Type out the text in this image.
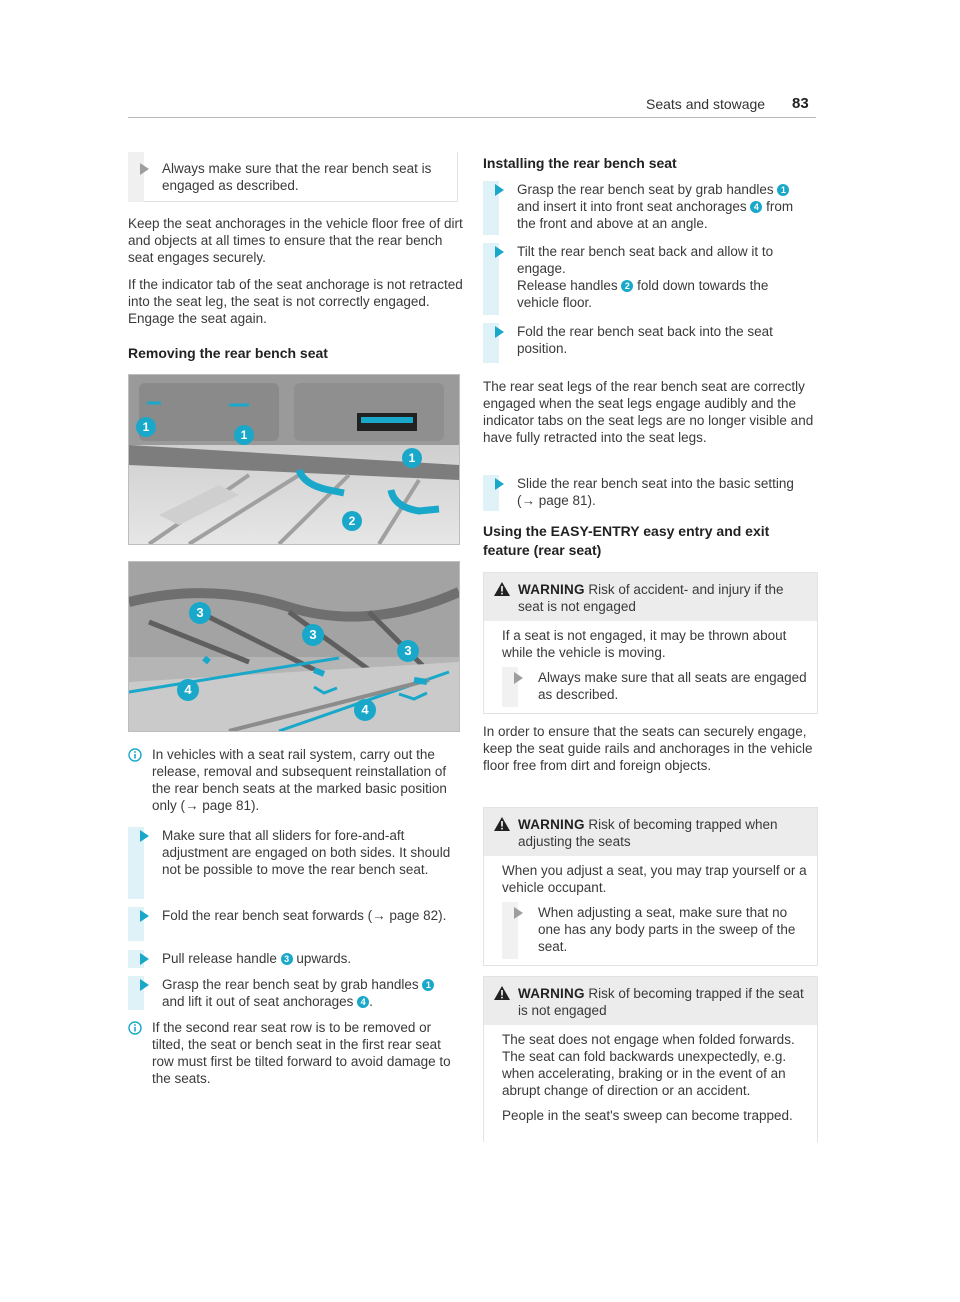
Seats and stowage 83
Always make sure that the rear bench seat is engaged as described.

Keep the seat anchorages in the vehicle floor free of dirt and objects at all times to ensure that the rear bench seat engages securely.

If the indicator tab of the seat anchorage is not retracted into the seat leg, the seat is not correctly engaged. Engage the seat again.

Removing the rear bench seat
1
1
1
2
3
3
3
4
4

In vehicles with a seat rail system, carry out the release, removal and subsequent reinstallation of the rear bench seats at the marked basic position only (→ page 81).

Make sure that all sliders for fore-and-aft adjustment are engaged on both sides. It should not be possible to move the rear bench seat.
Fold the rear bench seat forwards (→ page 82).
Pull release handle 3 upwards.
Grasp the rear bench seat by grab handles 1 and lift it out of seat anchorages 4 .

If the second rear seat row is to be removed or tilted, the seat or bench seat in the first rear seat row must first be tilted forward to avoid damage to the seats.

Installing the rear bench seat
Grasp the rear bench seat by grab handles 1 and insert it into front seat anchorages 4 from the front and above at an angle.
Tilt the rear bench seat back and allow it to engage.
Release handles 2 fold down towards the vehicle floor.
Fold the rear bench seat back into the seat position.

The rear seat legs of the rear bench seat are correctly engaged when the seat legs engage audibly and the indicator tabs on the seat legs are no longer visible and have fully retracted into the seat legs.

Slide the rear bench seat into the basic setting (→ page 81).
Using the EASY-ENTRY easy entry and exit feature (rear seat)
WARNING Risk of accident- and injury if the seat is not engaged

If a seat is not engaged, it may be thrown about while the vehicle is moving.

Always make sure that all seats are engaged as described.

In order to ensure that the seats can securely engage, keep the seat guide rails and anchorages in the vehicle floor free from dirt and foreign objects.

WARNING Risk of becoming trapped when adjusting the seats

When you adjust a seat, you may trap yourself or a vehicle occupant.

When adjusting a seat, make sure that no one has any body parts in the sweep of the seat.
WARNING Risk of becoming trapped if the seat is not engaged

The seat does not engage when folded forwards. The seat can fold backwards unexpectedly, e.g. when accelerating, braking or in the event of an abrupt change of direction or an accident.

People in the seat's sweep can become trapped.
